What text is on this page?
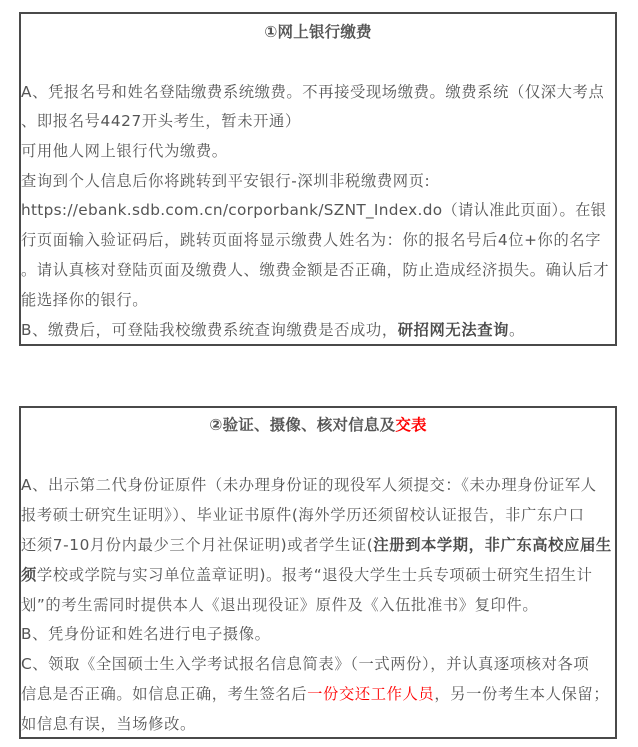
①网上银行缴费
A、凭报名号和姓名登陆缴费系统缴费。不再接受现场缴费。缴费系统（仅深大考点
、即报名号4427开头考生，暂未开通）
可用他人网上银行代为缴费。
查询到个人信息后你将跳转到平安银行-深圳非税缴费网页:
https://ebank.sdb.com.cn/corporbank/SZNT_Index.do（请认准此页面）。在银
行页面输入验证码后，跳转页面将显示缴费人姓名为：你的报名号后4位+你的名字
。请认真核对登陆页面及缴费人、缴费金额是否正确，防止造成经济损失。确认后才
能选择你的银行。
B、缴费后，可登陆我校缴费系统查询缴费是否成功，研招网无法查询。
②验证、摄像、核对信息及交表
A、出示第二代身份证原件（未办理身份证的现役军人须提交：《未办理身份证军人
报考硕士研究生证明》）、毕业证书原件(海外学历还须留校认证报告，非广东户口
还须7-10月份内最少三个月社保证明)或者学生证(注册到本学期，非广东高校应届生
须学校或学院与实习单位盖章证明)。报考“退役大学生士兵专项硕士研究生招生计
划”的考生需同时提供本人《退出现役证》原件及《入伍批准书》复印件。
B、凭身份证和姓名进行电子摄像。
C、领取《全国硕士生入学考试报名信息简表》（一式两份），并认真逐项核对各项
信息是否正确。如信息正确，考生签名后一份交还工作人员，另一份考生本人保留；
如信息有误，当场修改。
